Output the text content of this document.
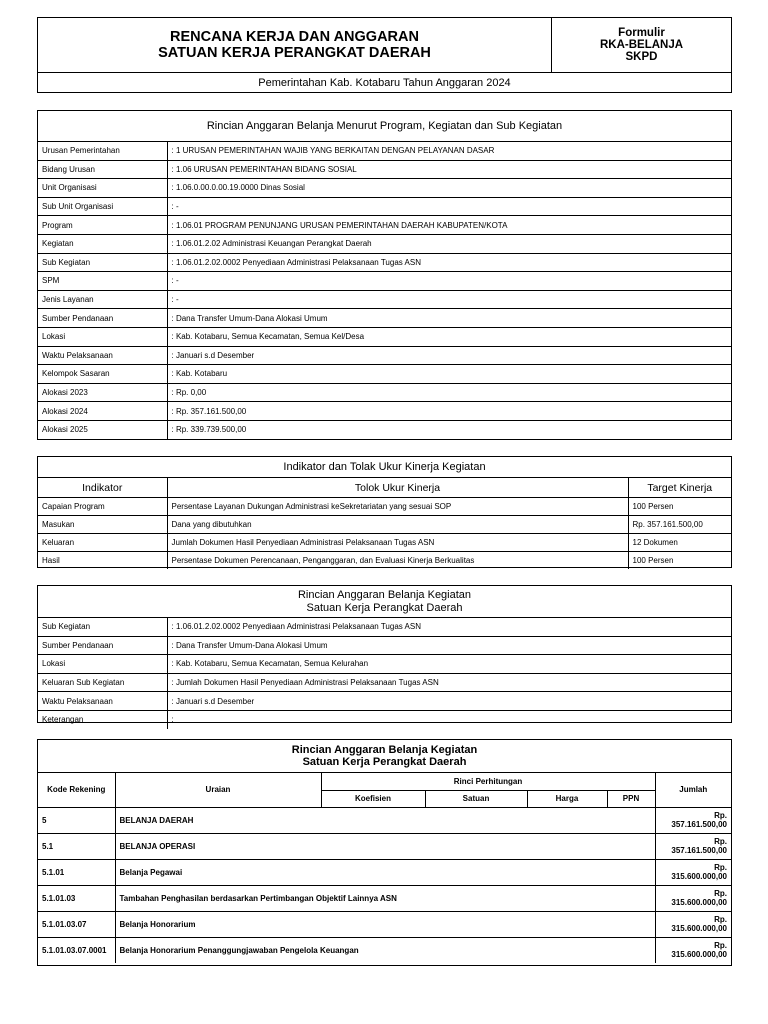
RENCANA KERJA DAN ANGGARAN
SATUAN KERJA PERANGKAT DAERAH
Formulir
RKA-BELANJA
SKPD
Pemerintahan Kab. Kotabaru Tahun Anggaran 2024
Rincian Anggaran Belanja Menurut Program, Kegiatan dan Sub Kegiatan
Urusan Pemerintahan	: 1 URUSAN PEMERINTAHAN WAJIB YANG BERKAITAN DENGAN PELAYANAN DASAR
Bidang Urusan	: 1.06 URUSAN PEMERINTAHAN BIDANG SOSIAL
Unit Organisasi	: 1.06.0.00.0.00.19.0000 Dinas Sosial
Sub Unit Organisasi	: -
Program	: 1.06.01 PROGRAM PENUNJANG URUSAN PEMERINTAHAN DAERAH KABUPATEN/KOTA
Kegiatan	: 1.06.01.2.02 Administrasi Keuangan Perangkat Daerah
Sub Kegiatan	: 1.06.01.2.02.0002 Penyediaan Administrasi Pelaksanaan Tugas ASN
SPM	: -
Jenis Layanan	: -
Sumber Pendanaan	: Dana Transfer Umum-Dana Alokasi Umum
Lokasi	: Kab. Kotabaru, Semua Kecamatan, Semua Kel/Desa
Waktu Pelaksanaan	: Januari s.d Desember
Kelompok Sasaran	: Kab. Kotabaru
Alokasi 2023	: Rp. 0,00
Alokasi 2024	: Rp. 357.161.500,00
Alokasi 2025	: Rp. 339.739.500,00
Indikator dan Tolak Ukur Kinerja Kegiatan
Indikator	Tolok Ukur Kinerja	Target Kinerja
Capaian Program	Persentase Layanan Dukungan Administrasi keSekretariatan yang sesuai SOP	100 Persen
Masukan	Dana yang dibutuhkan	Rp. 357.161.500,00
Keluaran	Jumlah Dokumen Hasil Penyediaan Administrasi Pelaksanaan Tugas ASN	12 Dokumen
Hasil	Persentase Dokumen Perencanaan, Penganggaran, dan Evaluasi Kinerja Berkualitas	100 Persen
Rincian Anggaran Belanja Kegiatan
Satuan Kerja Perangkat Daerah
Sub Kegiatan	: 1.06.01.2.02.0002 Penyediaan Administrasi Pelaksanaan Tugas ASN
Sumber Pendanaan	: Dana Transfer Umum-Dana Alokasi Umum
Lokasi	: Kab. Kotabaru, Semua Kecamatan, Semua Kelurahan
Keluaran Sub Kegiatan	: Jumlah Dokumen Hasil Penyediaan Administrasi Pelaksanaan Tugas ASN
Waktu Pelaksanaan	: Januari s.d Desember
Keterangan	:
Rincian Anggaran Belanja Kegiatan
Satuan Kerja Perangkat Daerah
Kode Rekening	Uraian	Rinci Perhitungan				Jumlah
		Koefisien	Satuan	Harga	PPN	
5	BELANJA DAERAH					Rp.
357.161.500,00

5.1	BELANJA OPERASI					Rp.
357.161.500,00

5.1.01	Belanja Pegawai					Rp.
315.600.000,00

5.1.01.03	Tambahan Penghasilan berdasarkan Pertimbangan Objektif Lainnya ASN					Rp.
315.600.000,00

5.1.01.03.07	Belanja Honorarium					Rp.
315.600.000,00

5.1.01.03.07.0001	Belanja Honorarium Penanggungjawaban Pengelola Keuangan					Rp.
315.600.000,00
